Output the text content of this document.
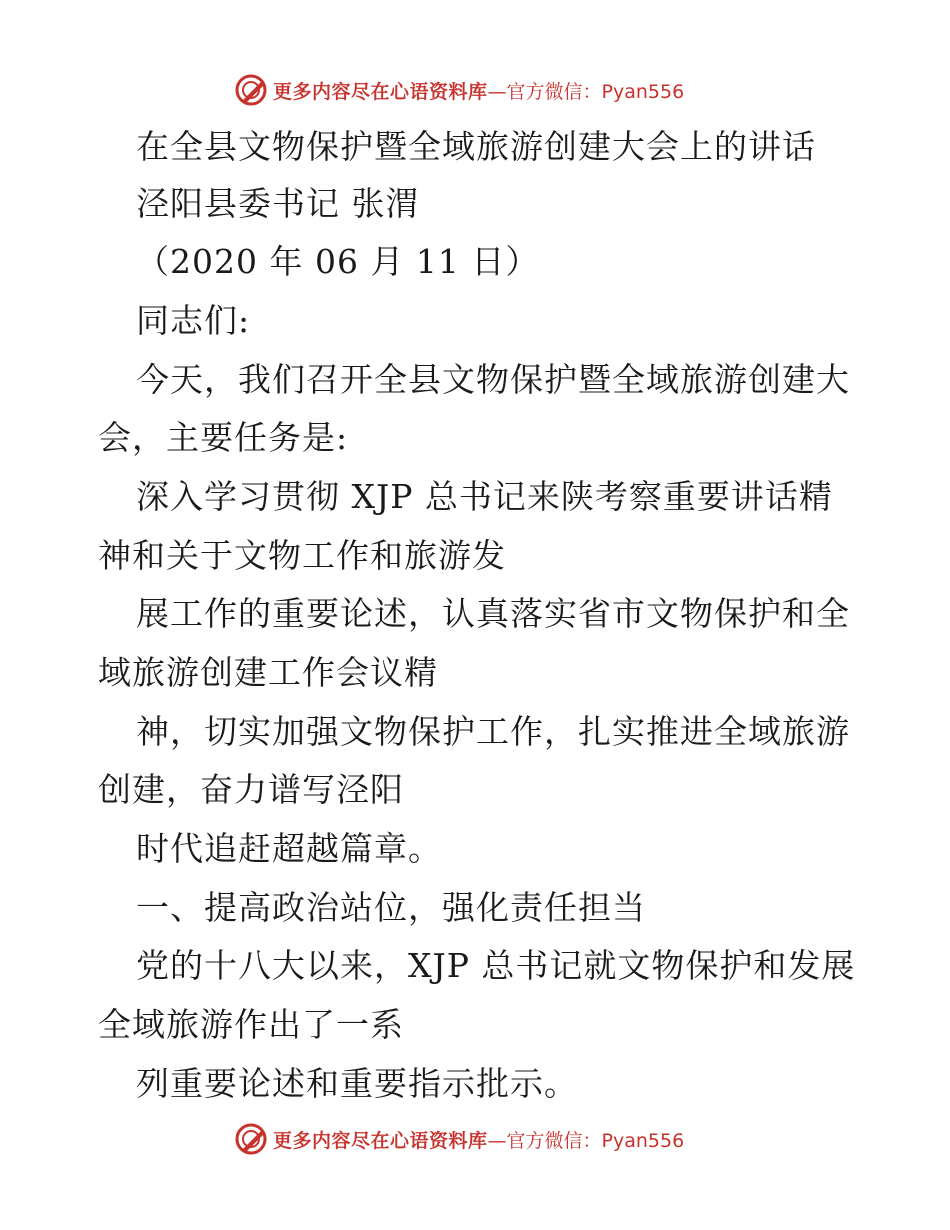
更多内容尽在心语资料库 —官方微信：Pyan556
在全县文物保护暨全域旅游创建大会上的讲话
泾阳县委书记 张渭
（2020 年 06 月 11 日）
同志们:
今天，我们召开全县文物保护暨全域旅游创建大
会，主要任务是:
深入学习贯彻 XJP 总书记来陕考察重要讲话精
神和关于文物工作和旅游发
展工作的重要论述，认真落实省市文物保护和全
域旅游创建工作会议精
神，切实加强文物保护工作，扎实推进全域旅游
创建，奋力谱写泾阳
时代追赶超越篇章。
一、提高政治站位，强化责任担当
党的十八大以来，XJP 总书记就文物保护和发展
全域旅游作出了一系
列重要论述和重要指示批示。
更多内容尽在心语资料库 —官方微信：Pyan556
